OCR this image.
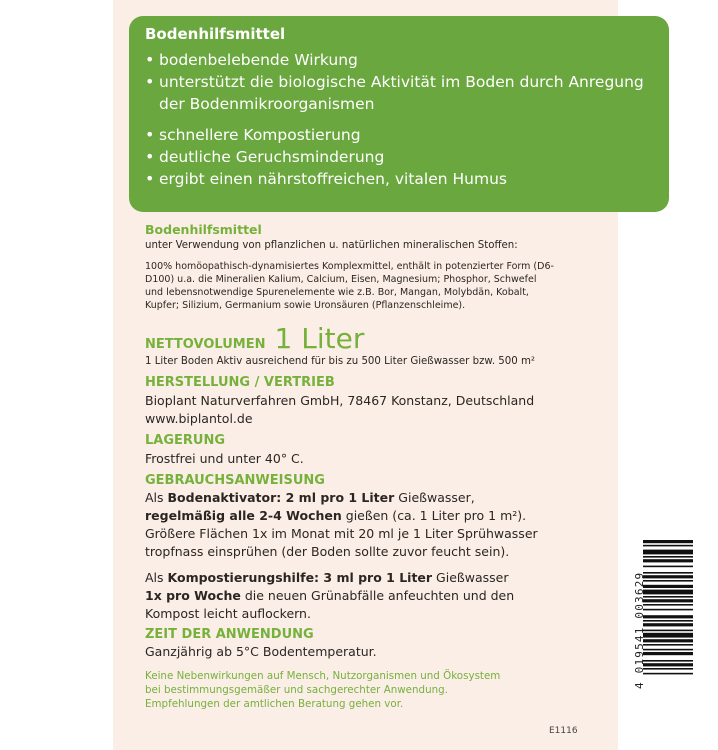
Bodenhilfsmittel
• bodenbelebende Wirkung
• unterstützt die biologische Aktivität im Boden durch Anregung der Bodenmikroorganismen
• schnellere Kompostierung
• deutliche Geruchsminderung
• ergibt einen nährstoffreichen, vitalen Humus
Bodenhilfsmittel
unter Verwendung von pflanzlichen u. natürlichen mineralischen Stoffen:
100% homöopathisch-dynamisiertes Komplexmittel, enthält in potenzierter Form (D6-D100) u.a. die Mineralien Kalium, Calcium, Eisen, Magnesium; Phosphor, Schwefel und lebensnotwendige Spurenelemente wie z.B. Bor, Mangan, Molybdän, Kobalt, Kupfer; Silizium, Germanium sowie Uronsäuren (Pflanzenschleime).
NETTOVOLUMEN 1 Liter
1 Liter Boden Aktiv ausreichend für bis zu 500 Liter Gießwasser bzw. 500 m²
HERSTELLUNG / VERTRIEB
Bioplant Naturverfahren GmbH, 78467 Konstanz, Deutschland
www.biplantol.de
LAGERUNG
Frostfrei und unter 40° C.
GEBRAUCHSANWEISUNG
Als Bodenaktivator: 2 ml pro 1 Liter Gießwasser, regelmäßig alle 2-4 Wochen gießen (ca. 1 Liter pro 1 m²).
Größere Flächen 1x im Monat mit 20 ml je 1 Liter Sprühwasser tropfnass einsprühen (der Boden sollte zuvor feucht sein).
Als Kompostierungshilfe: 3 ml pro 1 Liter Gießwasser 1x pro Woche die neuen Grünabfälle anfeuchten und den Kompost leicht auflockern.
ZEIT DER ANWENDUNG
Ganzjährig ab 5°C Bodentemperatur.
Keine Nebenwirkungen auf Mensch, Nutzorganismen und Ökosystem bei bestimmungsgemäßer und sachgerechter Anwendung. Empfehlungen der amtlichen Beratung gehen vor.
4 019541 003629
E1116
